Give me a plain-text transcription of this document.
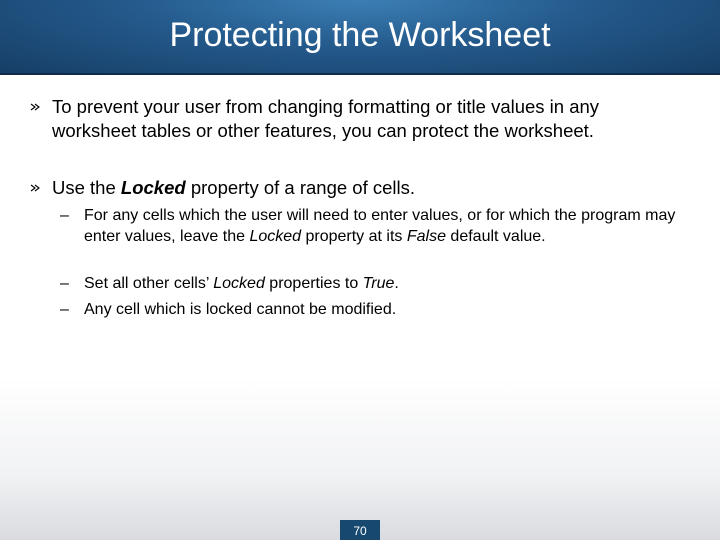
Protecting the Worksheet
To prevent your user from changing formatting or title values in any worksheet tables or other features, you can protect the worksheet.
Use the Locked property of a range of cells.
– For any cells which the user will need to enter values, or for which the program may enter values, leave the Locked property at its False default value.
– Set all other cells’ Locked properties to True.
– Any cell which is locked cannot be modified.
70
